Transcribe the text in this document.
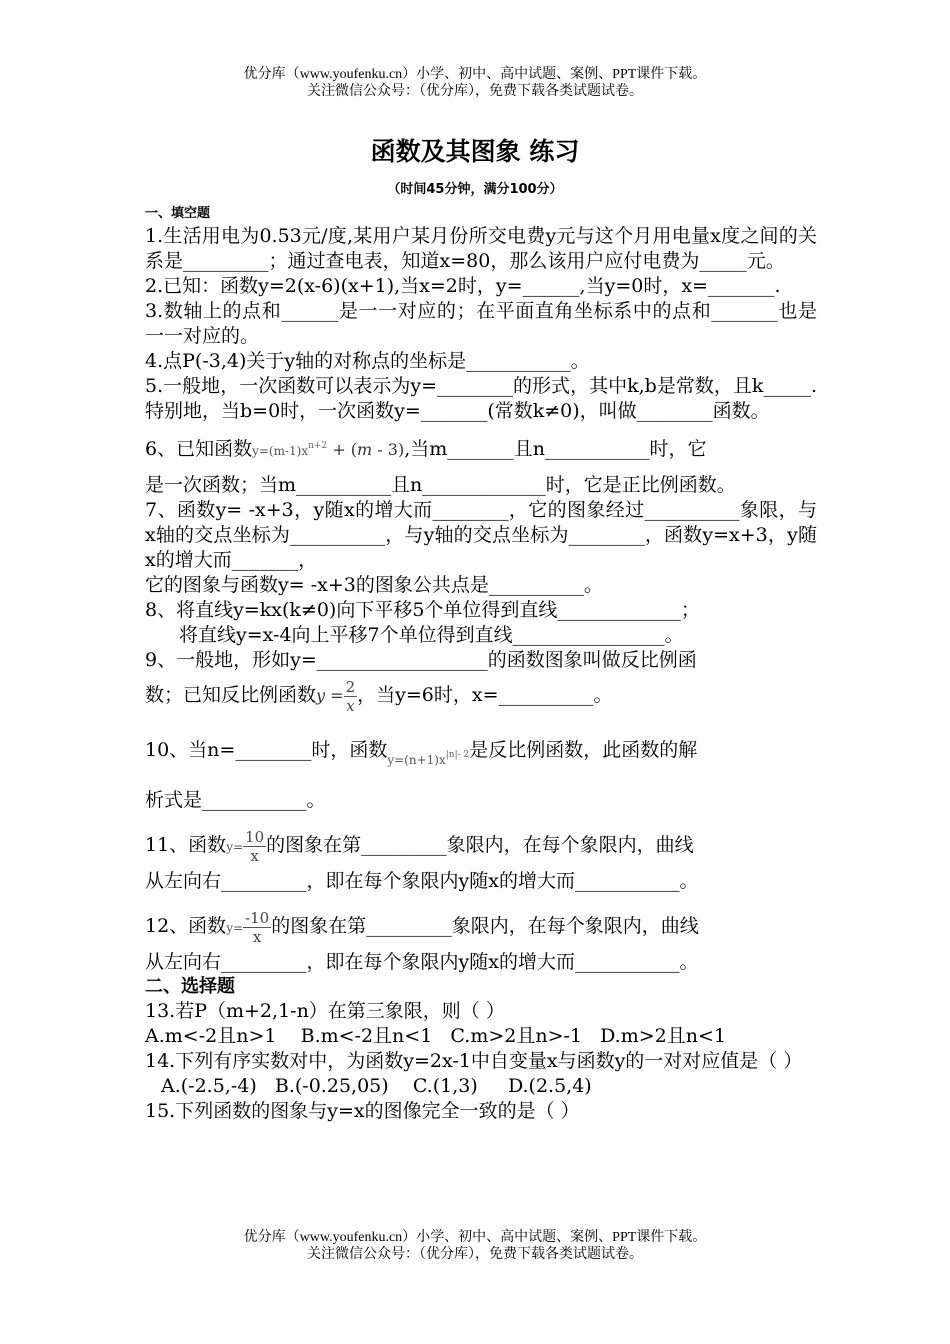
优分库（www.youfenku.cn）小学、初中、高中试题、案例、PPT课件下载。
关注微信公众号：（优分库），免费下载各类试题试卷。
函数及其图象 练习
（时间45分钟，满分100分）

一、填空题

1.生活用电为0.53元/度,某用户某月份所交电费y元与这个月用电量x度之间的关系是_________；通过查电表，知道x=80，那么该用户应付电费为_____元。

2.已知：函数y=2(x-6)(x+1),当x=2时，y=______,当y=0时，x=_______.

3.数轴上的点和______是一一对应的；在平面直角坐标系中的点和_______也是一一对应的。

4.点P(-3,4)关于y轴的对称点的坐标是___________。

5.一般地，一次函数可以表示为y=________的形式，其中k,b是常数，且k_____.特别地，当b=0时，一次函数y=_______(常数k≠0)，叫做________函数。

6、已知函数$y=(m-1)x^{n+2} + (m - 3)$,当m_______且n___________时，它

是一次函数；当m__________且n_____________时，它是正比例函数。

7、函数y= -x+3，y随x的增大而________，它的图象经过__________象限，与x轴的交点坐标为__________，与y轴的交点坐标为________，函数y=x+3，y随x的增大而_______，

它的图象与函数y= -x+3的图象公共点是__________。

8、将直线y=kx(k≠0)向下平移5个单位得到直线_____________；

将直线y=x-4向上平移7个单位得到直线________________。

9、一般地，形如y=__________________的函数图象叫做反比例函

数；已知反比例函数$y = \frac{2}{x}$ ，当y=6时，x=__________。

10、当n=________时，函数$_{y=(n+1)x^{|n|- 2}}$是反比例函数，此函数的解

析式是___________。

11、函数$y= \frac{10}{x}$ 的图象在第_________象限内，在每个象限内，曲线

从左向右_________，即在每个象限内y随x的增大而___________。

12、函数$y= \frac{-10}{x}$ 的图象在第_________象限内，在每个象限内，曲线

从左向右_________，即在每个象限内y随x的增大而___________。

二、选择题

13.若P（m+2,1-n）在第三象限，则（ ）

A.m<-2且n>1    B.m<-2且n<1   C.m>2且n>-1   D.m>2且n<1

14.下列有序实数对中，为函数y=2x-1中自变量x与函数y的一对对应值是（ ）

A.(-2.5,-4)   B.(-0.25,05)    C.(1,3)     D.(2.5,4)

15.下列函数的图象与y=x的图像完全一致的是（ ）

优分库（www.youfenku.cn）小学、初中、高中试题、案例、PPT课件下载。
关注微信公众号：（优分库），免费下载各类试题试卷。
